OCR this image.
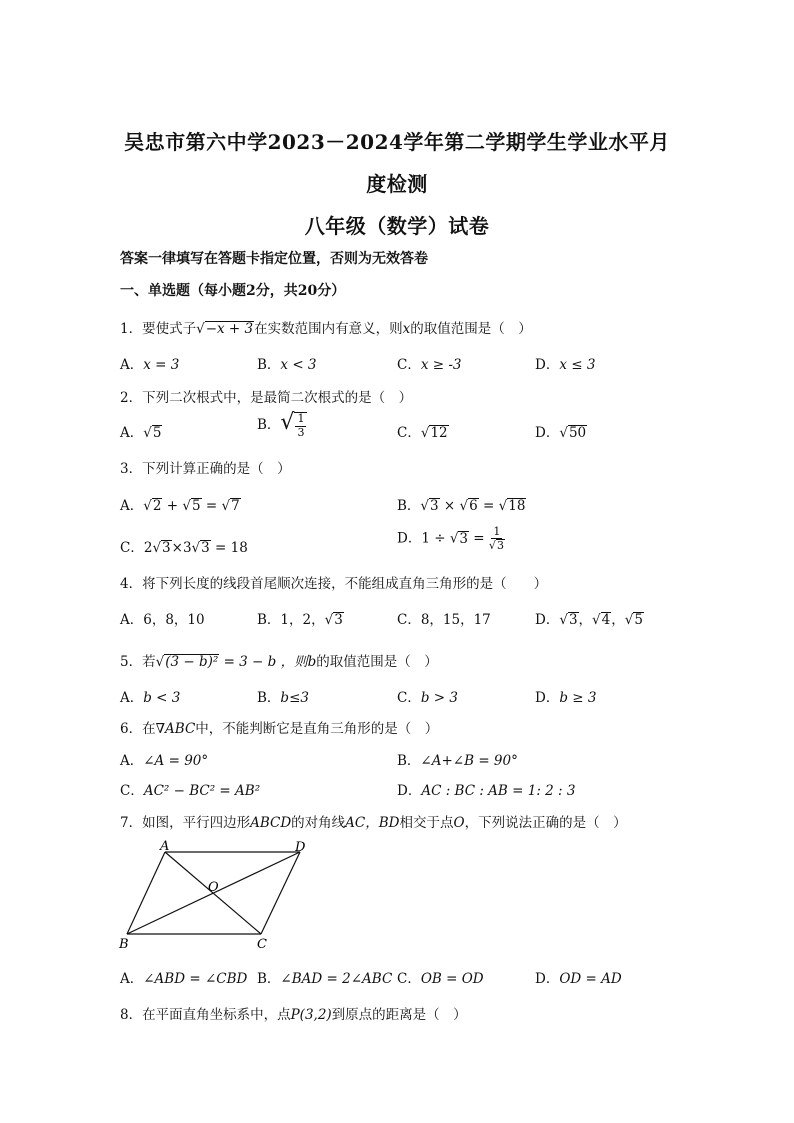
吴忠市第六中学2023－2024学年第二学期学生学业水平月
度检测
八年级（数学）试卷
答案一律填写在答题卡指定位置，否则为无效答卷
一、单选题（每小题2分，共20分）
1．要使式子√−x + 3在实数范围内有意义，则x的取值范围是（　）
A．x = 3	B．x < 3	C．x ≥ -3	D．x ≤ 3
2．下列二次根式中，是最简二次根式的是（　）
A．√5	B．√ $\frac{1}{3}$	C．√12	D．√50
3．下列计算正确的是（　）
A．√2 + √5 = √7	B．√3 × √6 = √18
C．2√3×3√3 = 18
D．$1 \div √3 = \frac{1}{√3}$
4．将下列长度的线段首尾顺次连接，不能组成直角三角形的是（　　）
A．6，8，10	B．1，2，√3	C．8，15，17	D．√3，√4，√5
5．若√(3 − b)² = 3 − b ，则b的取值范围是（　）
A．b < 3	B．b≤3	C．b > 3	D．b ≥ 3
6．在∇ABC中，不能判断它是直角三角形的是（　）
A．∠A = 90°	B．∠A+∠B = 90°
C．AC² − BC² = AB²	D．AC : BC : AB = 1: 2 : 3
7．如图，平行四边形ABCD的对角线AC，BD相交于点O，下列说法正确的是（　）
A	D
O
B	C
A．∠ABD = ∠CBD B．∠BAD = 2∠ABC C．OB = OD	D．OD = AD
8．在平面直角坐标系中，点P(3,2)到原点的距离是（　）
